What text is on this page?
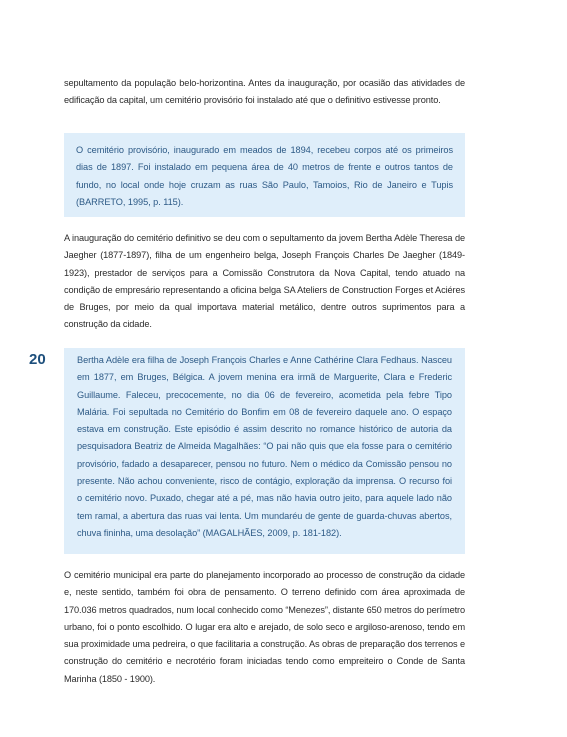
sepultamento da população belo-horizontina. Antes da inauguração, por ocasião das atividades de edificação da capital, um cemitério provisório foi instalado até que o definitivo estivesse pronto.

O cemitério provisório, inaugurado em meados de 1894, recebeu corpos até os primeiros dias de 1897. Foi instalado em pequena área de 40 metros de frente e outros tantos de fundo, no local onde hoje cruzam as ruas São Paulo, Tamoios, Rio de Janeiro e Tupis (BARRETO, 1995, p. 115).

A inauguração do cemitério definitivo se deu com o sepultamento da jovem Bertha Adèle Theresa de Jaegher (1877-1897), filha de um engenheiro belga, Joseph François Charles De Jaegher (1849-1923), prestador de serviços para a Comissão Construtora da Nova Capital, tendo atuado na condição de empresário representando a oficina belga SA Ateliers de Construction Forges et Aciéres de Bruges, por meio da qual importava material metálico, dentre outros suprimentos para a construção da cidade.

20	Bertha Adèle era filha de Joseph François Charles e Anne Cathérine Clara Fedhaus. Nasceu em 1877, em Bruges, Bélgica. A jovem menina era irmã de Marguerite, Clara e Frederic Guillaume. Faleceu, precocemente, no dia 06 de fevereiro, acometida pela febre Tipo Malária. Foi sepultada no Cemitério do Bonfim em 08 de fevereiro daquele ano. O espaço estava em construção. Este episódio é assim descrito no romance histórico de autoria da pesquisadora Beatriz de Almeida Magalhães: “O pai não quis que ela fosse para o cemitério provisório, fadado a desaparecer, pensou no futuro. Nem o médico da Comissão pensou no presente. Não achou conveniente, risco de contágio, exploração da imprensa. O recurso foi o cemitério novo. Puxado, chegar até a pé, mas não havia outro jeito, para aquele lado não tem ramal, a abertura das ruas vai lenta. Um mundaréu de gente de guarda-chuvas abertos, chuva fininha, uma desolação” (MAGALHÃES, 2009, p. 181-182).

O cemitério municipal era parte do planejamento incorporado ao processo de construção da cidade e, neste sentido, também foi obra de pensamento. O terreno definido com área aproximada de 170.036 metros quadrados, num local conhecido como “Menezes”, distante 650 metros do perímetro urbano, foi o ponto escolhido. O lugar era alto e arejado, de solo seco e argiloso-arenoso, tendo em sua proximidade uma pedreira, o que facilitaria a construção. As obras de preparação dos terrenos e construção do cemitério e necrotério foram iniciadas tendo como empreiteiro o Conde de Santa Marinha (1850 - 1900).
